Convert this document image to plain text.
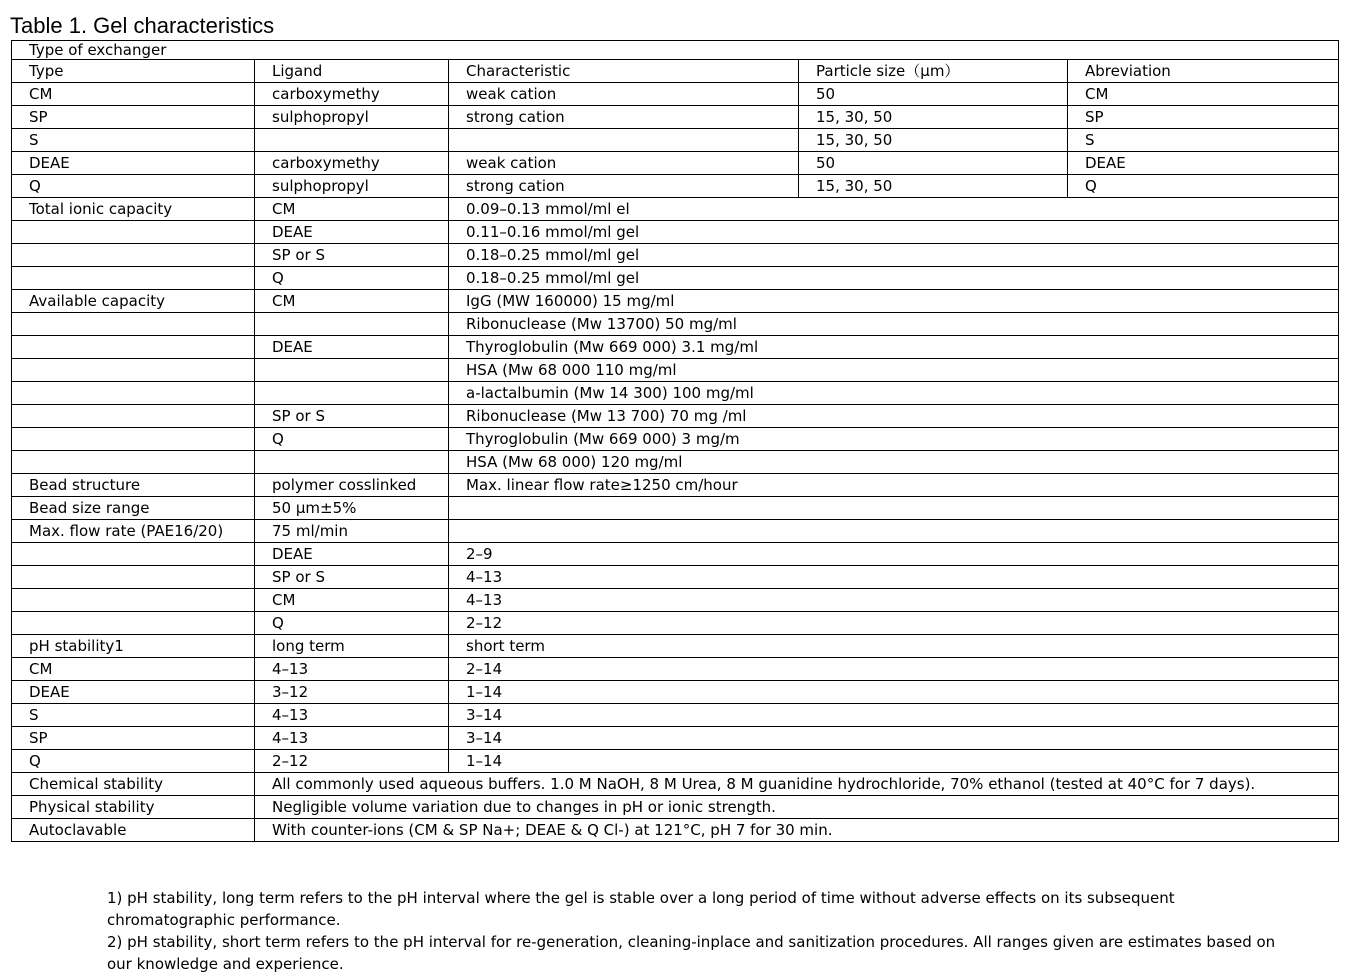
Table 1. Gel characteristics
Type of exchanger				
Type	Ligand	Characteristic	Particle size（μm）	Abreviation
CM	carboxymethy	weak cation	50	CM
SP	sulphopropyl	strong cation	15, 30, 50	SP
S			15, 30, 50	S
DEAE	carboxymethy	weak cation	50	DEAE
Q	sulphopropyl	strong cation	15, 30, 50	Q
Total ionic capacity	CM	0.09–0.13 mmol/ml el		
	DEAE	0.11–0.16 mmol/ml gel		
	SP or S	0.18–0.25 mmol/ml gel		
	Q	0.18–0.25 mmol/ml gel		
Available capacity	CM	IgG (MW 160000) 15 mg/ml		
		Ribonuclease (Mw 13700) 50 mg/ml		
	DEAE	Thyroglobulin (Mw 669 000) 3.1 mg/ml		
		HSA (Mw 68 000 110 mg/ml		
		a-lactalbumin (Mw 14 300) 100 mg/ml		
	SP or S	Ribonuclease (Mw 13 700) 70 mg /ml		
	Q	Thyroglobulin (Mw 669 000) 3 mg/m		
		HSA (Mw 68 000) 120 mg/ml		
Bead structure	polymer cosslinked	Max. linear flow rate≥1250 cm/hour		
Bead size range	50 μm±5%			
Max. flow rate (PAE16/20)	75 ml/min			
	DEAE	2–9		
	SP or S	4–13		
	CM	4–13		
	Q	2–12		
pH stability1	long term	short term		
CM	4–13	2–14		
DEAE	3–12	1–14		
S	4–13	3–14		
SP	4–13	3–14		
Q	2–12	1–14		
Chemical stability	All commonly used aqueous buffers. 1.0 M NaOH, 8 M Urea, 8 M guanidine hydrochloride, 70% ethanol (tested at 40°C for 7 days).			
Physical stability	Negligible volume variation due to changes in pH or ionic strength.			
Autoclavable	With counter-ions (CM & SP Na+; DEAE & Q Cl-) at 121°C, pH 7 for 30 min.			

1) pH stability, long term refers to the pH interval where the gel is stable over a long period of time without adverse effects on its subsequent chromatographic performance.

2) pH stability, short term refers to the pH interval for re-generation, cleaning-inplace and sanitization procedures. All ranges given are estimates based on our knowledge and experience.
